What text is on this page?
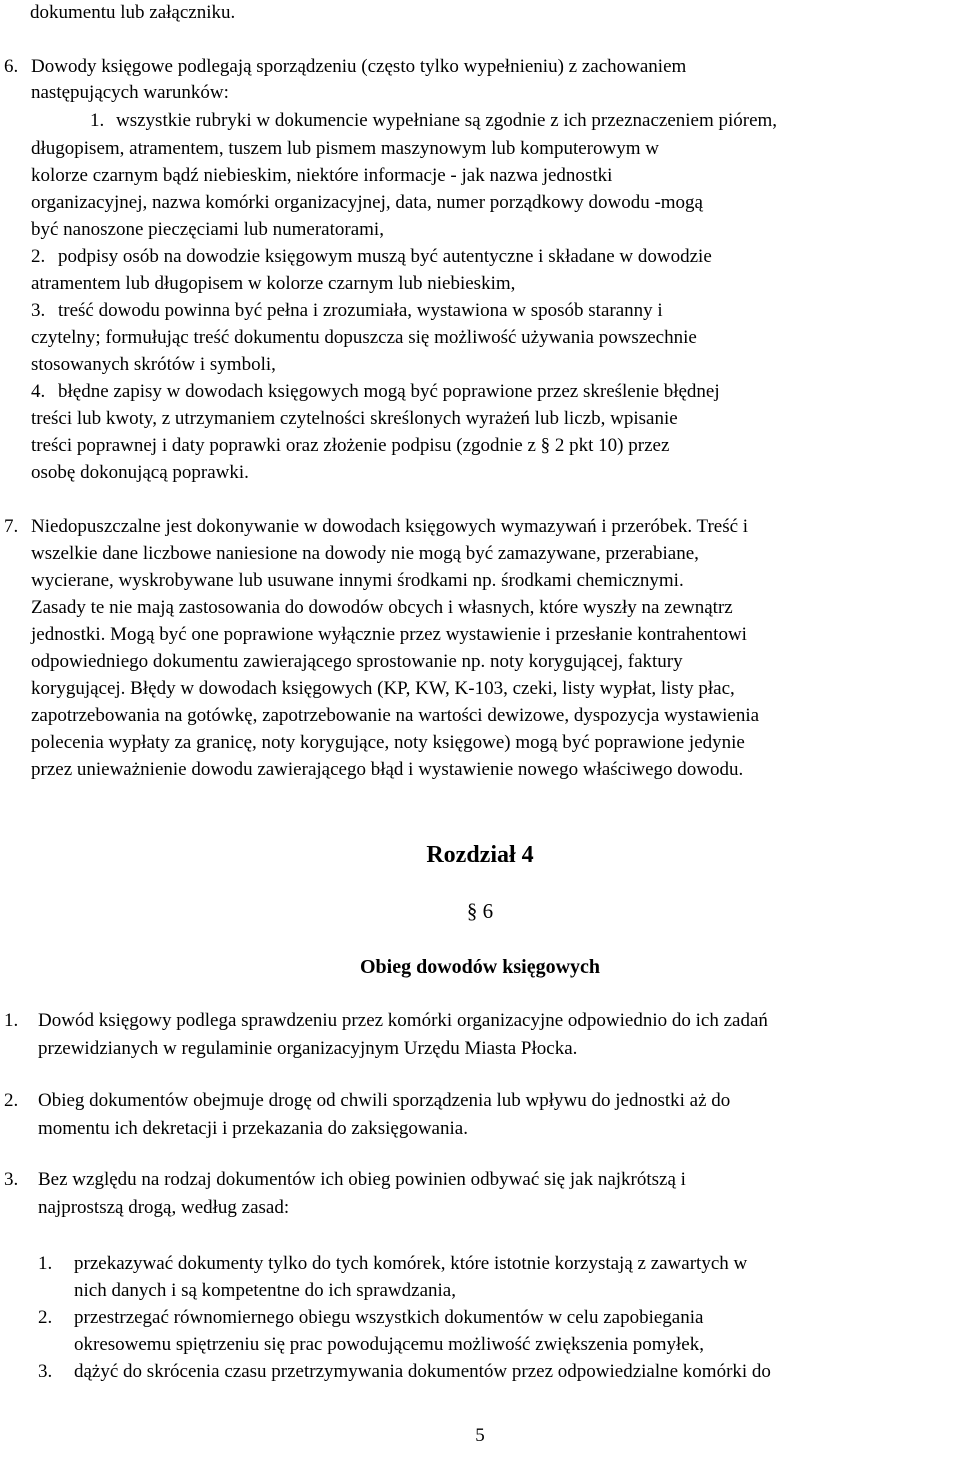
dokumentu lub załączniku.
6. Dowody księgowe podlegają sporządzeniu (często tylko wypełnieniu) z zachowaniem
następujących warunków:
1. wszystkie rubryki w dokumencie wypełniane są zgodnie z ich przeznaczeniem piórem,
długopisem, atramentem, tuszem lub pismem maszynowym lub komputerowym w
kolorze czarnym bądź niebieskim, niektóre informacje - jak nazwa jednostki
organizacyjnej, nazwa komórki organizacyjnej, data, numer porządkowy dowodu -mogą
być nanoszone pieczęciami lub numeratorami,
2. podpisy osób na dowodzie księgowym muszą być autentyczne i składane w dowodzie
atramentem lub długopisem w kolorze czarnym lub niebieskim,
3. treść dowodu powinna być pełna i zrozumiała, wystawiona w sposób staranny i
czytelny; formułując treść dokumentu dopuszcza się możliwość używania powszechnie
stosowanych skrótów i symboli,
4. błędne zapisy w dowodach księgowych mogą być poprawione przez skreślenie błędnej
treści lub kwoty, z utrzymaniem czytelności skreślonych wyrażeń lub liczb, wpisanie
treści poprawnej i daty poprawki oraz złożenie podpisu (zgodnie z § 2 pkt 10) przez
osobę dokonującą poprawki.
7. Niedopuszczalne jest dokonywanie w dowodach księgowych wymazywań i przeróbek. Treść i
wszelkie dane liczbowe naniesione na dowody nie mogą być zamazywane, przerabiane,
wycierane, wyskrobywane lub usuwane innymi środkami np. środkami chemicznymi.
Zasady te nie mają zastosowania do dowodów obcych i własnych, które wyszły na zewnątrz
jednostki. Mogą być one poprawione wyłącznie przez wystawienie i przesłanie kontrahentowi
odpowiedniego dokumentu zawierającego sprostowanie np. noty korygującej, faktury
korygującej. Błędy w dowodach księgowych (KP, KW, K-103, czeki, listy wypłat, listy płac,
zapotrzebowania na gotówkę, zapotrzebowanie na wartości dewizowe, dyspozycja wystawienia
polecenia wypłaty za granicę, noty korygujące, noty księgowe) mogą być poprawione jedynie
przez unieważnienie dowodu zawierającego błąd i wystawienie nowego właściwego dowodu.
Rozdział 4
§ 6
Obieg dowodów księgowych
1. Dowód księgowy podlega sprawdzeniu przez komórki organizacyjne odpowiednio do ich zadań
przewidzianych w regulaminie organizacyjnym Urzędu Miasta Płocka.
2. Obieg dokumentów obejmuje drogę od chwili sporządzenia lub wpływu do jednostki aż do
momentu ich dekretacji i przekazania do zaksięgowania.
3. Bez względu na rodzaj dokumentów ich obieg powinien odbywać się jak najkrótszą i
najprostszą drogą, według zasad:
1. przekazywać dokumenty tylko do tych komórek, które istotnie korzystają z zawartych w
nich danych i są kompetentne do ich sprawdzania,
2. przestrzegać równomiernego obiegu wszystkich dokumentów w celu zapobiegania
okresowemu spiętrzeniu się prac powodującemu możliwość zwiększenia pomyłek,
3. dążyć do skrócenia czasu przetrzymywania dokumentów przez odpowiedzialne komórki do
5
